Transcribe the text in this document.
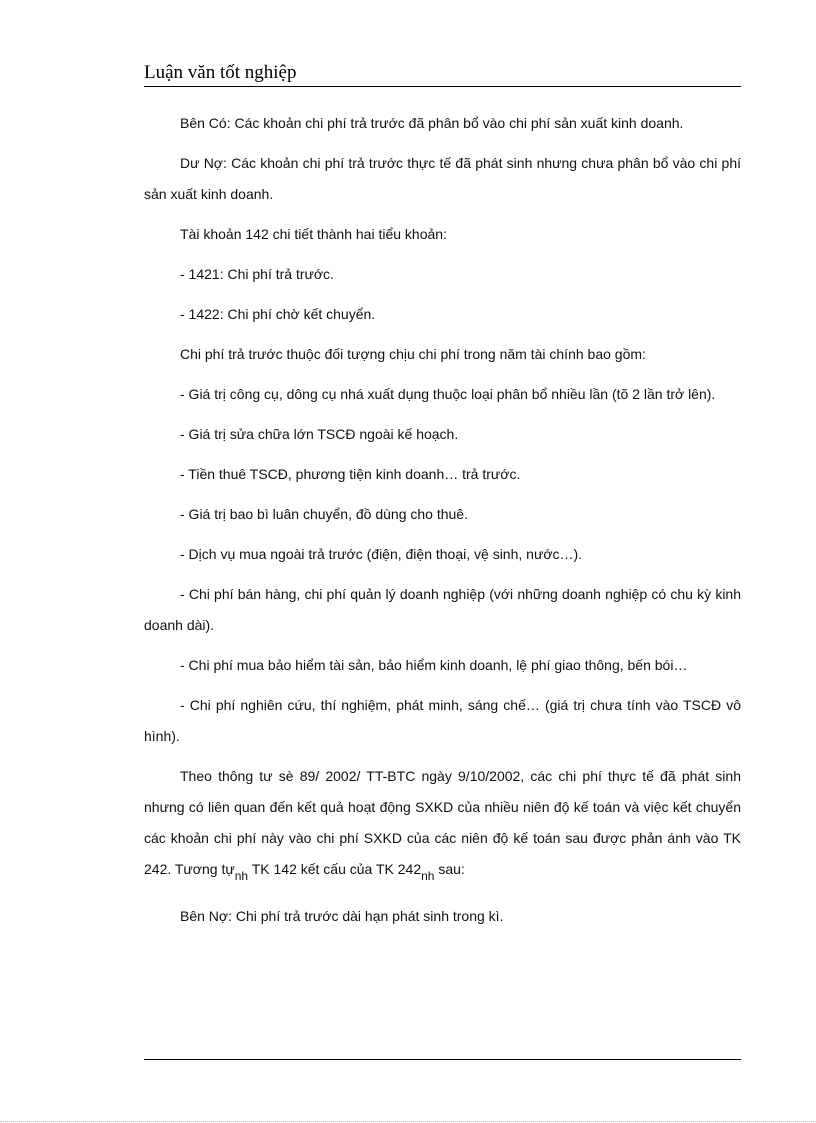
Luận văn tốt nghiệp

Bên Có: Các khoản chi phí trả trước đã phân bổ vào chi phí sản xuất kinh doanh.

Dư Nợ: Các khoản chi phí trả trước thực tế đã phát sinh nhưng chưa phân bổ vào chi phí sản xuất kinh doanh.

Tài khoản 142 chi tiết thành hai tiểu khoản:

- 1421: Chi phí trả trước.

- 1422: Chi phí chờ kết chuyển.

Chi phí trả trước thuộc đối tượng chịu chi phí trong năm tài chính bao gồm:

- Giá trị công cụ, dông cụ nhá xuất dụng thuộc loại phân bổ nhiều lần (tõ 2 lần trở lên).

- Giá trị sửa chữa lớn TSCĐ ngoài kế hoạch.

- Tiền thuê TSCĐ, phương tiện kinh doanh… trả trước.

- Giá trị bao bì luân chuyển, đồ dùng cho thuê.

- Dịch vụ mua ngoài trả trước (điện, điện thoại, vệ sinh, nước…).

- Chi phí bán hàng, chi phí quản lý doanh nghiệp (với những doanh nghiệp có chu kỳ kinh doanh dài).

- Chi phí mua bảo hiểm tài sản, bảo hiểm kinh doanh, lệ phí giao thông, bến bói…

- Chi phí nghiên cứu, thí nghiệm, phát minh, sáng chế… (giá trị chưa tính vào TSCĐ vô hình).

Theo thông tư sè 89/ 2002/ TT-BTC ngày 9/10/2002, các chi phí thực tế đã phát sinh nhưng có liên quan đến kết quả hoạt động SXKD của nhiều niên độ kế toán và việc kết chuyển các khoản chi phí này vào chi phí SXKD của các niên độ kế toán sau được phản ánh vào TK 242. Tương tựnh TK 142 kết cấu của TK 242nh sau:

Bên Nợ: Chi phí trả trước dài hạn phát sinh trong kì.
